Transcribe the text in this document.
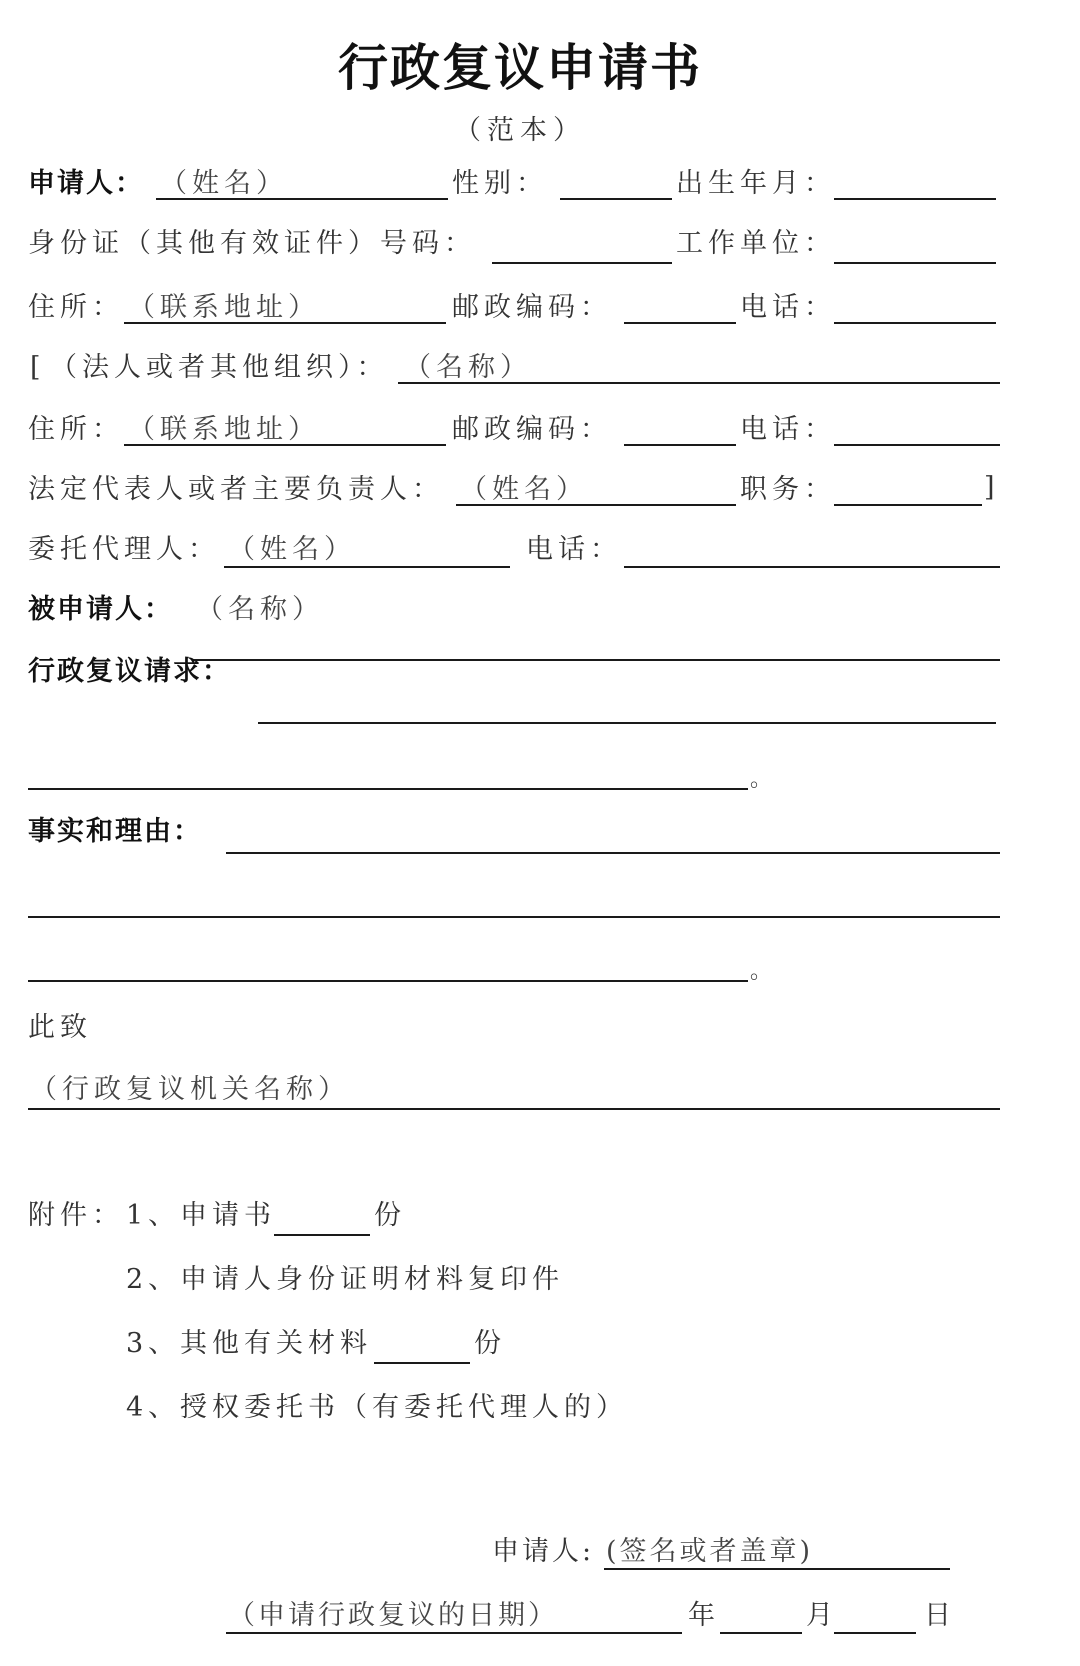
行政复议申请书
（范本）
申请人： （姓名）	性别：	出生年月：
身份证（其他有效证件）号码：	工作单位：
住所： （联系地址）	邮政编码：	电话：
[ （法人或者其他组织）： （名称）
住所： （联系地址）	邮政编码：	电话：
法定代表人或者主要负责人： （姓名）	职务：	]
委托代理人： （姓名）	电话：
被申请人： （名称）
行政复议请求：
。
事实和理由：
。
此致
（行政复议机关名称）
附件： 1、 申请书	份
2、 申请人身份证明材料复印件
3、 其他有关材料	份
4、 授权委托书（有委托代理人的）
申请人: (签名或者盖章)
（申请行政复议的日期）	年	月	日
